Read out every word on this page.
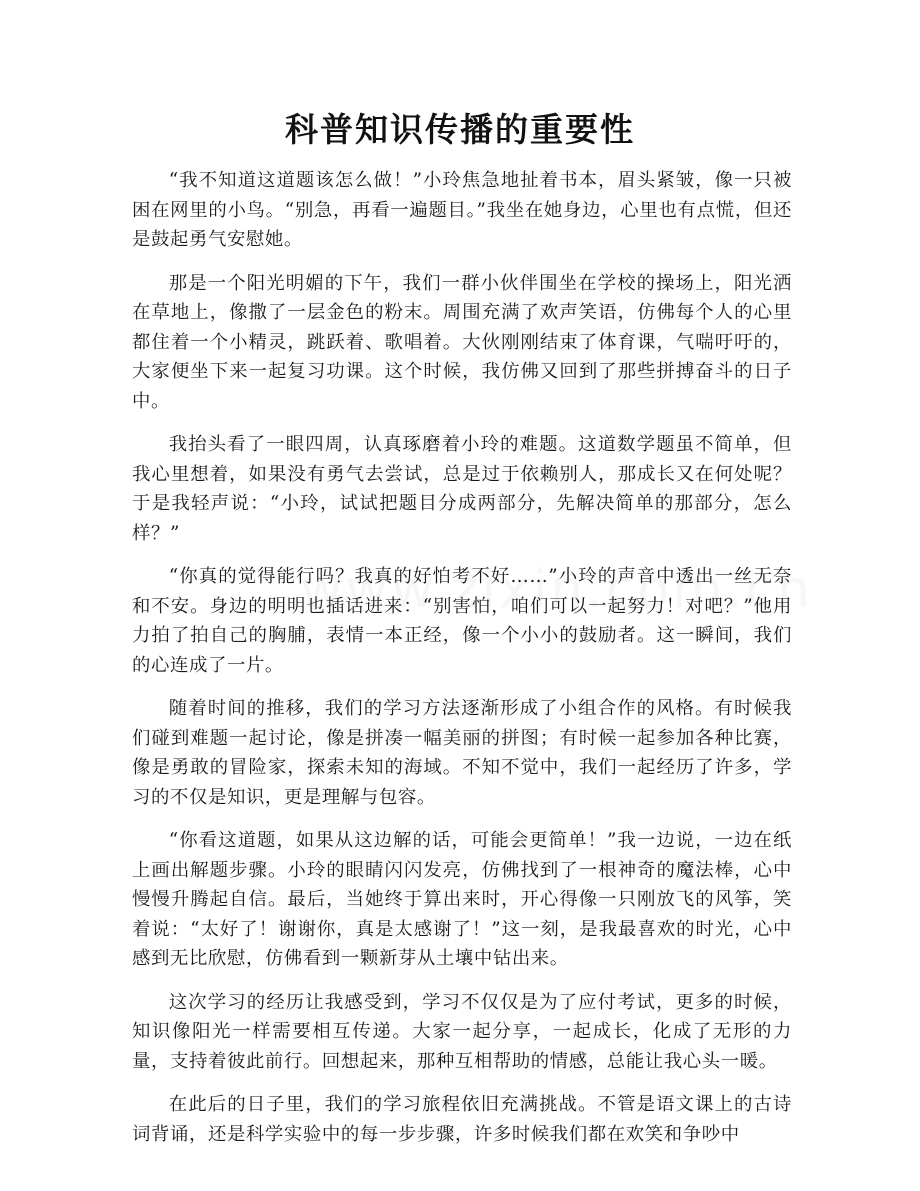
科普知识传播的重要性

“我不知道这道题该怎么做！”小玲焦急地扯着书本，眉头紧皱，像一只被困在网里的小鸟。“别急，再看一遍题目。”我坐在她身边，心里也有点慌，但还是鼓起勇气安慰她。

那是一个阳光明媚的下午，我们一群小伙伴围坐在学校的操场上，阳光洒在草地上，像撒了一层金色的粉末。周围充满了欢声笑语，仿佛每个人的心里都住着一个小精灵，跳跃着、歌唱着。大伙刚刚结束了体育课，气喘吁吁的，大家便坐下来一起复习功课。这个时候，我仿佛又回到了那些拼搏奋斗的日子中。

我抬头看了一眼四周，认真琢磨着小玲的难题。这道数学题虽不简单，但我心里想着，如果没有勇气去尝试，总是过于依赖别人，那成长又在何处呢？于是我轻声说：“小玲，试试把题目分成两部分，先解决简单的那部分，怎么样？”

“你真的觉得能行吗？我真的好怕考不好……”小玲的声音中透出一丝无奈和不安。身边的明明也插话进来：“别害怕，咱们可以一起努力！对吧？”他用力拍了拍自己的胸脯，表情一本正经，像一个小小的鼓励者。这一瞬间，我们的心连成了一片。

随着时间的推移，我们的学习方法逐渐形成了小组合作的风格。有时候我们碰到难题一起讨论，像是拼凑一幅美丽的拼图；有时候一起参加各种比赛，像是勇敢的冒险家，探索未知的海域。不知不觉中，我们一起经历了许多，学习的不仅是知识，更是理解与包容。

“你看这道题，如果从这边解的话，可能会更简单！”我一边说，一边在纸上画出解题步骤。小玲的眼睛闪闪发亮，仿佛找到了一根神奇的魔法棒，心中慢慢升腾起自信。最后，当她终于算出来时，开心得像一只刚放飞的风筝，笑着说：“太好了！谢谢你，真是太感谢了！”这一刻，是我最喜欢的时光，心中感到无比欣慰，仿佛看到一颗新芽从土壤中钻出来。

这次学习的经历让我感受到，学习不仅仅是为了应付考试，更多的时候，知识像阳光一样需要相互传递。大家一起分享，一起成长，化成了无形的力量，支持着彼此前行。回想起来，那种互相帮助的情感，总能让我心头一暖。

在此后的日子里，我们的学习旅程依旧充满挑战。不管是语文课上的古诗词背诵，还是科学实验中的每一步步骤，许多时候我们都在欢笑和争吵中
